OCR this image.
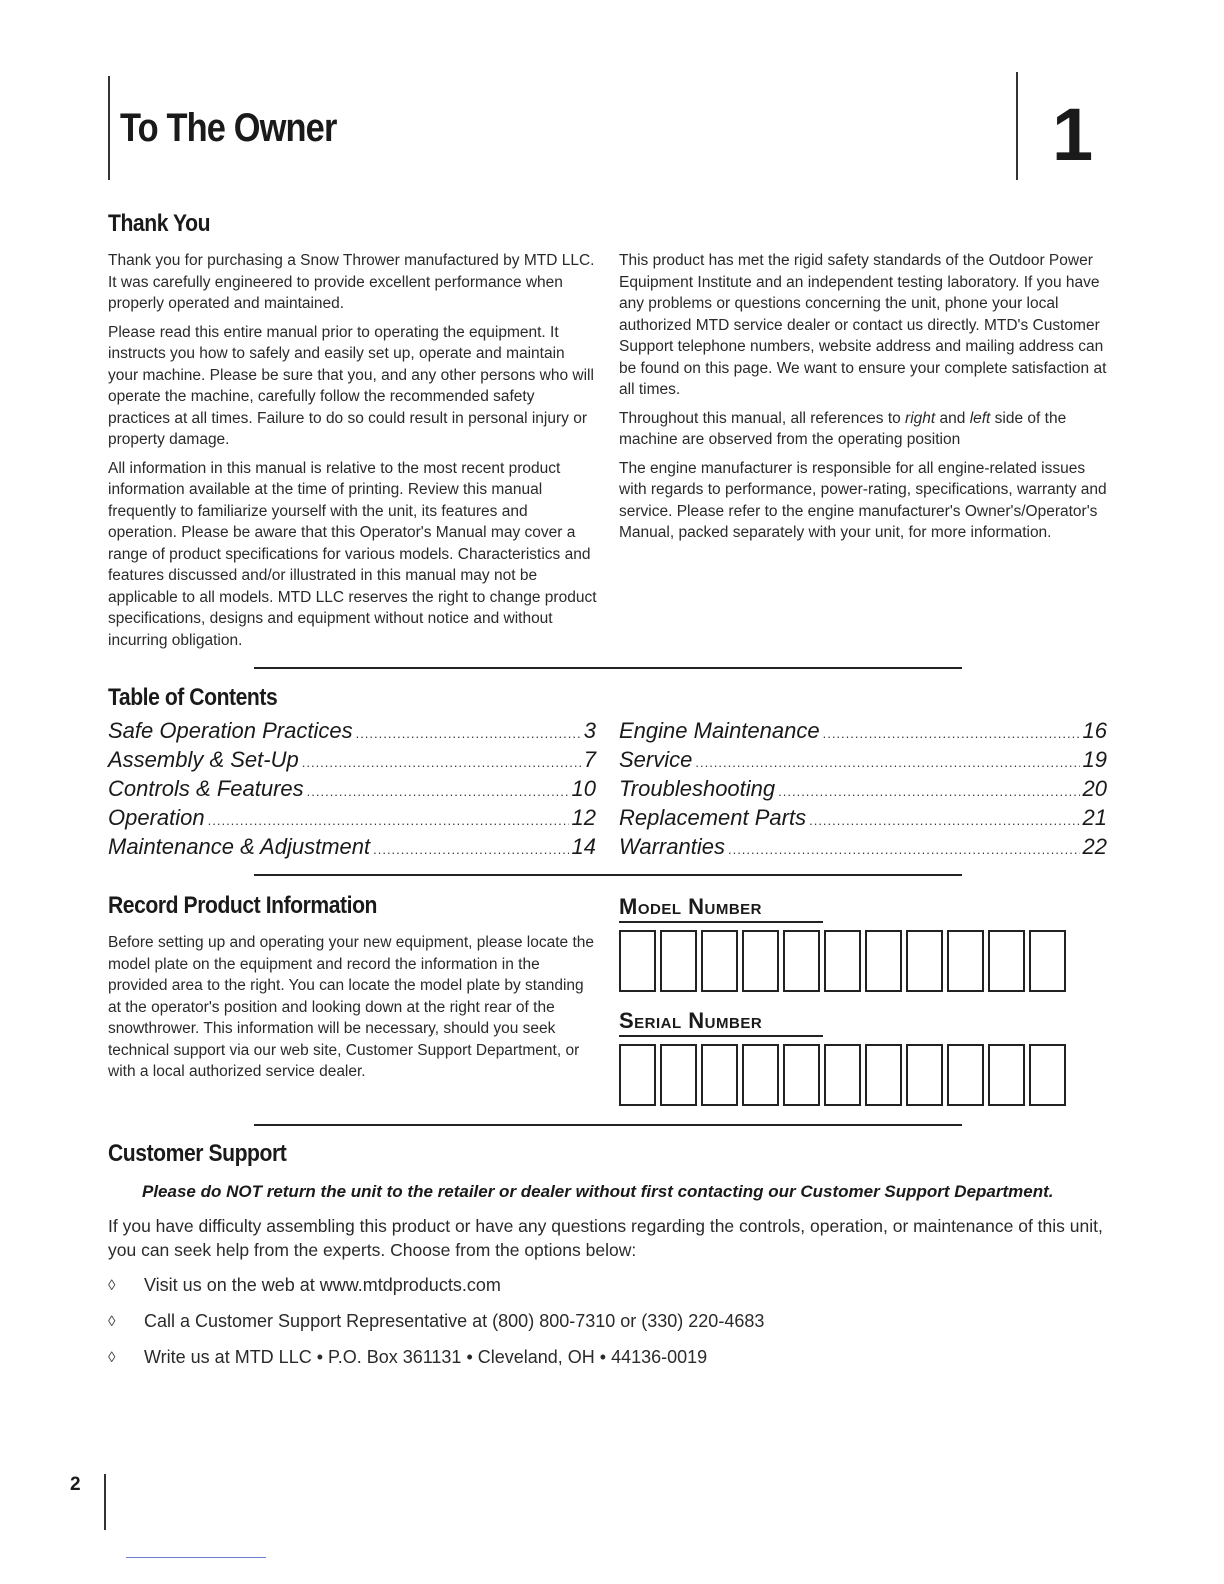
To The Owner	1
Thank You

Thank you for purchasing a Snow Thrower manufactured by MTD LLC. It was carefully engineered to provide excellent performance when properly operated and maintained.

Please read this entire manual prior to operating the equipment. It instructs you how to safely and easily set up, operate and maintain your machine. Please be sure that you, and any other persons who will operate the machine, carefully follow the recommended safety practices at all times. Failure to do so could result in personal injury or property damage.

All information in this manual is relative to the most recent product information available at the time of printing. Review this manual frequently to familiarize yourself with the unit, its features and operation. Please be aware that this Operator's Manual may cover a range of product specifications for various models. Characteristics and features discussed and/or illustrated in this manual may not be applicable to all models. MTD LLC reserves the right to change product specifications, designs and equipment without notice and without incurring obligation.

This product has met the rigid safety standards of the Outdoor Power Equipment Institute and an independent testing laboratory. If you have any problems or questions concerning the unit, phone your local authorized MTD service dealer or contact us directly. MTD's Customer Support telephone numbers, website address and mailing address can be found on this page. We want to ensure your complete satisfaction at all times.

Throughout this manual, all references to right and left side of the machine are observed from the operating position

The engine manufacturer is responsible for all engine-related issues with regards to performance, power-rating, specifications, warranty and service. Please refer to the engine manufacturer's Owner's/Operator's Manual, packed separately with your unit, for more information.

Table of Contents
Safe Operation Practices .....	3
Assembly & Set-Up .....	7
Controls & Features .....	10
Operation .....	12
Maintenance & Adjustment .....	14
Engine Maintenance .....	16
Service .....	19
Troubleshooting .....	20
Replacement Parts .....	21
Warranties .....	22
Record Product Information

Before setting up and operating your new equipment, please locate the model plate on the equipment and record the information in the provided area to the right. You can locate the model plate by standing at the operator's position and looking down at the right rear of the snowthrower. This information will be necessary, should you seek technical support via our web site, Customer Support Department, or with a local authorized service dealer.

Model Number
Serial Number
Customer Support
Please do NOT return the unit to the retailer or dealer without first contacting our Customer Support Department.
If you have difficulty assembling this product or have any questions regarding the controls, operation, or maintenance of this unit, you can seek help from the experts. Choose from the options below:
◊	Visit us on the web at www.mtdproducts.com
◊	Call a Customer Support Representative at (800) 800-7310 or (330) 220-4683
◊	Write us at MTD LLC • P.O. Box 361131 • Cleveland, OH • 44136-0019
2
